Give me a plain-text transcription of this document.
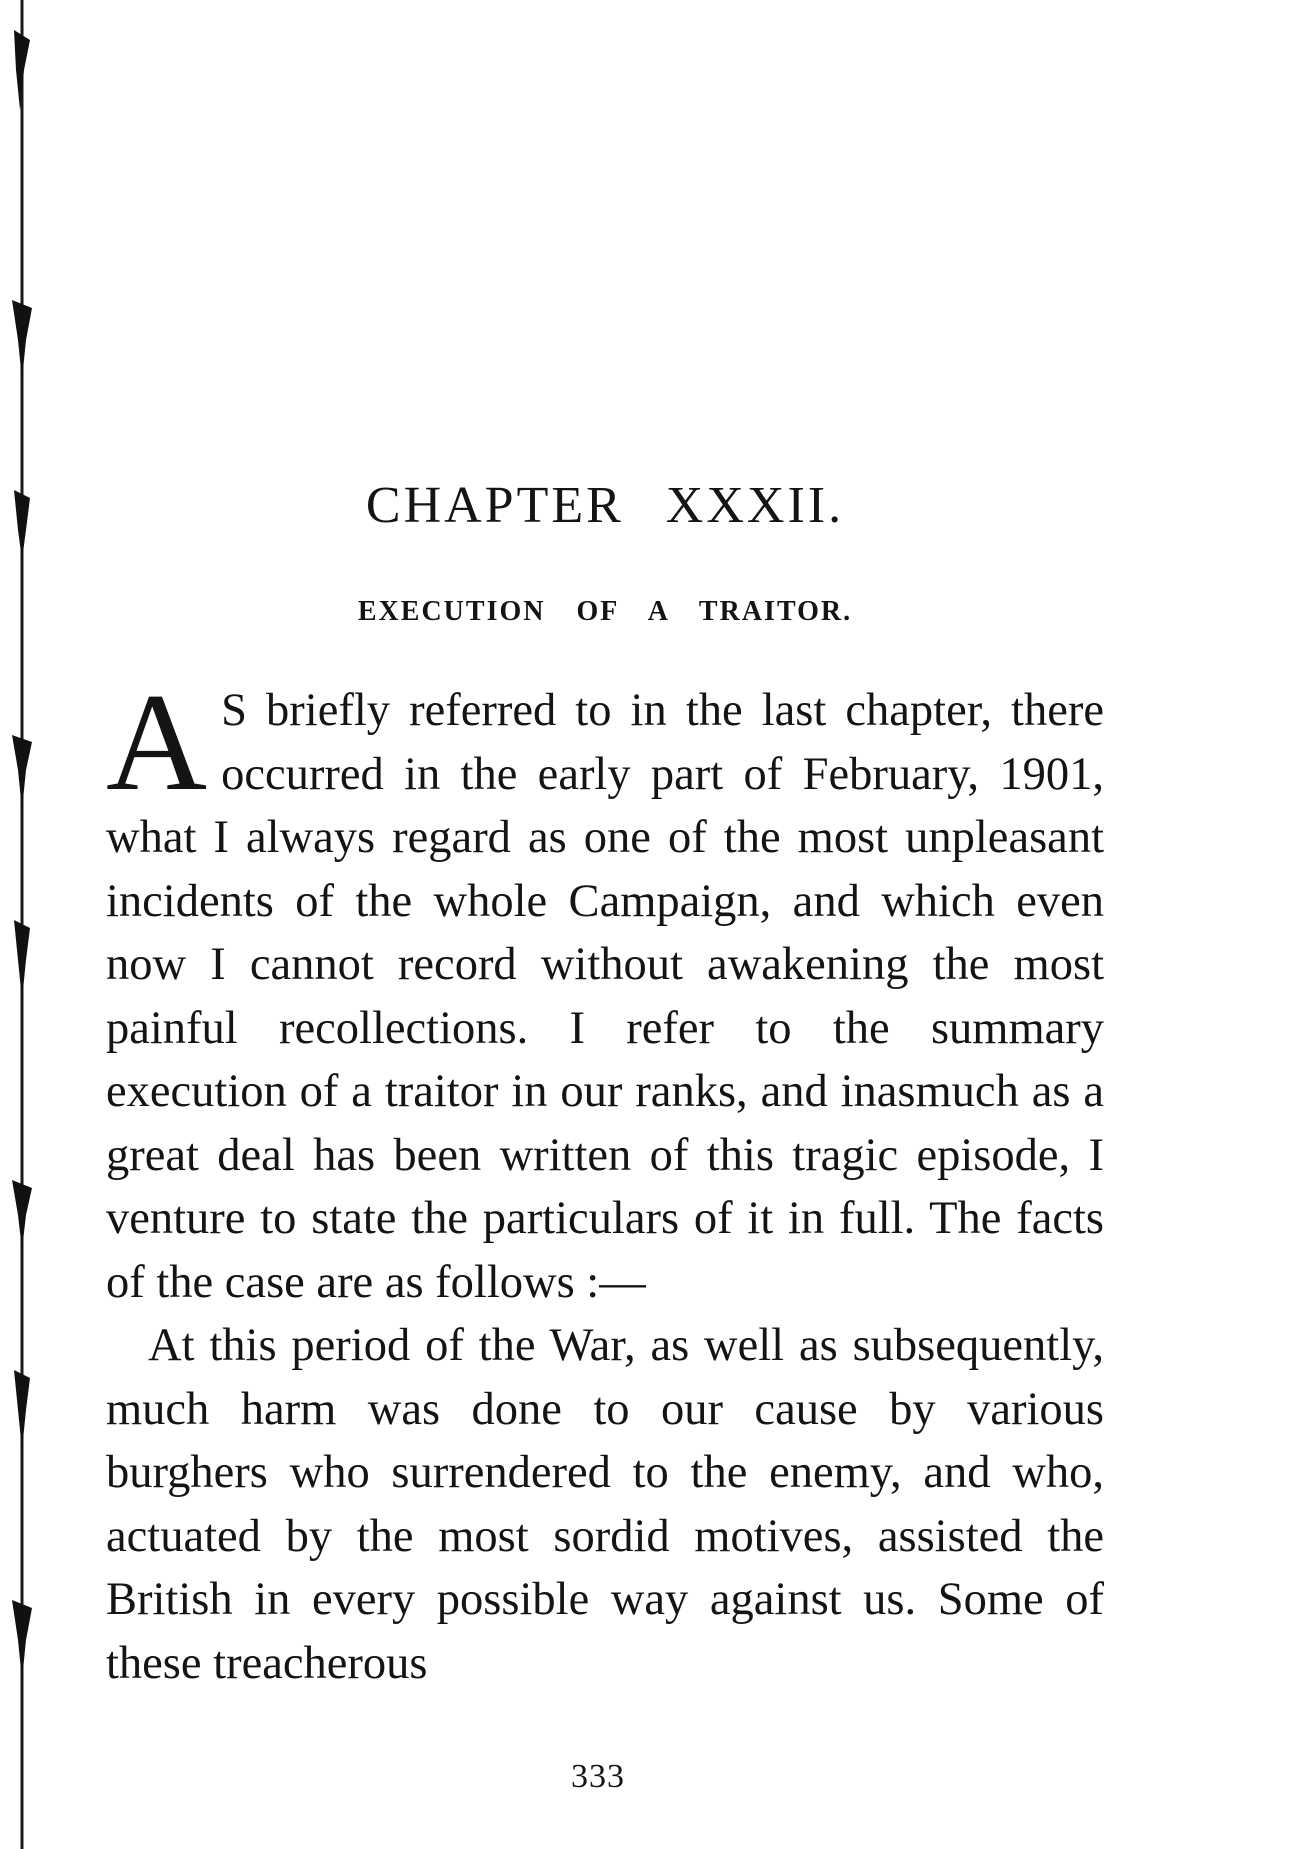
CHAPTER XXXII.
EXECUTION OF A TRAITOR.

A S briefly referred to in the last chapter, there occurred in the early part of February, 1901, what I always regard as one of the most unpleasant incidents of the whole Campaign, and which even now I cannot record without awakening the most painful recollections. I refer to the summary execution of a traitor in our ranks, and inasmuch as a great deal has been written of this tragic episode, I venture to state the particulars of it in full. The facts of the case are as follows :—

At this period of the War, as well as subsequently, much harm was done to our cause by various burghers who surrendered to the enemy, and who, actuated by the most sordid motives, assisted the British in every possible way against us. Some of these treacherous

333
